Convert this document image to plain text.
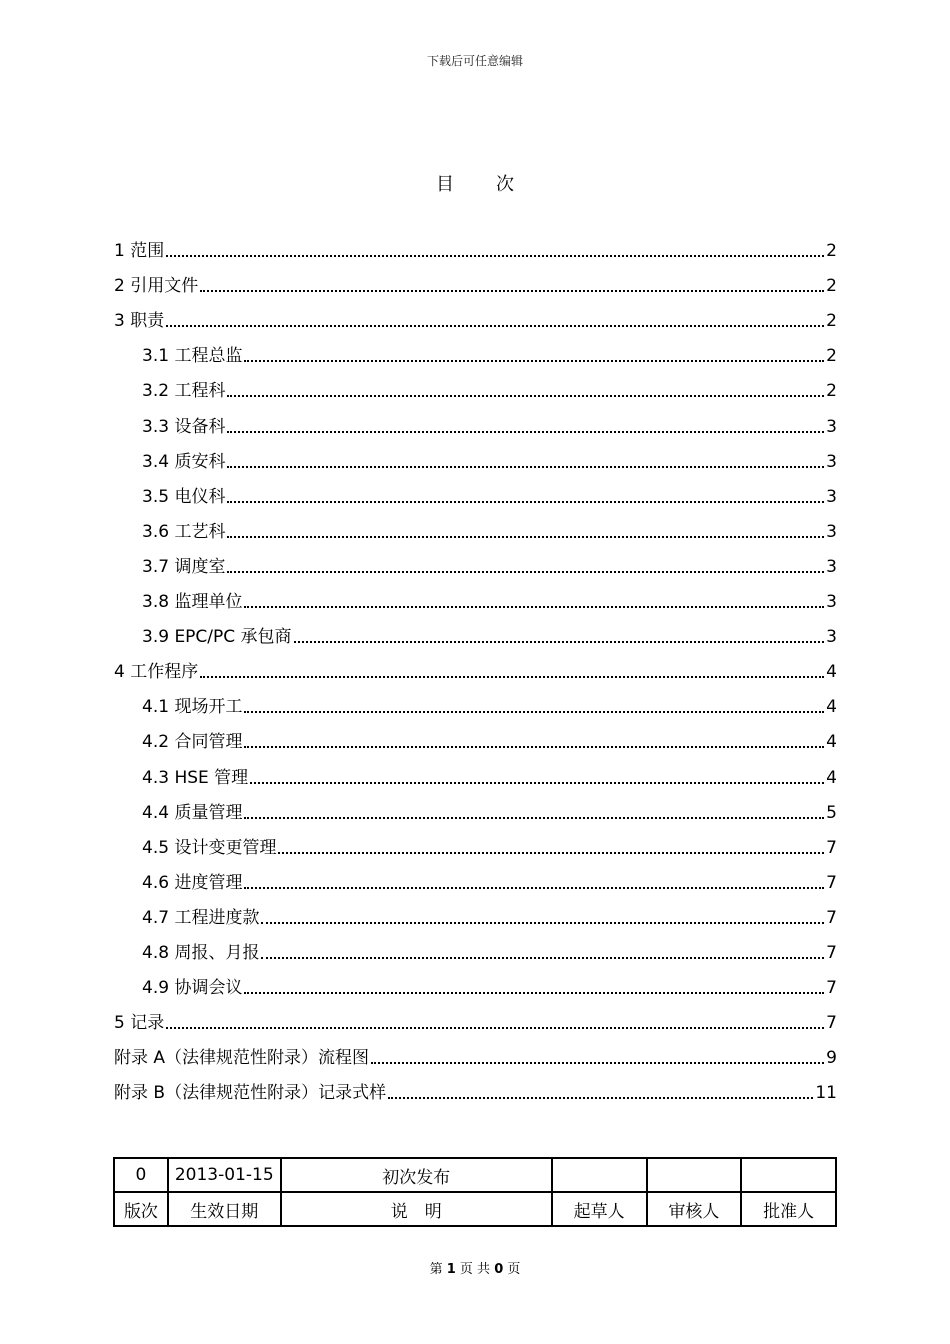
下载后可任意编辑
目 次
1 范围	2
2 引用文件	2
3 职责	2
3.1 工程总监	2
3.2 工程科	2
3.3 设备科	3
3.4 质安科	3
3.5 电仪科	3
3.6 工艺科	3
3.7 调度室	3
3.8 监理单位	3
3.9 EPC/PC 承包商	3
4 工作程序	4
4.1 现场开工	4
4.2 合同管理	4
4.3 HSE 管理	4
4.4 质量管理	5
4.5 设计变更管理	7
4.6 进度管理	7
4.7 工程进度款	7
4.8 周报、月报	7
4.9 协调会议	7
5 记录	7
附录 A（法律规范性附录）流程图	9
附录 B（法律规范性附录）记录式样	11
0	2013-01-15	初次发布			
版次	生效日期	说　明	起草人	审核人	批准人
第 1 页 共 0 页
